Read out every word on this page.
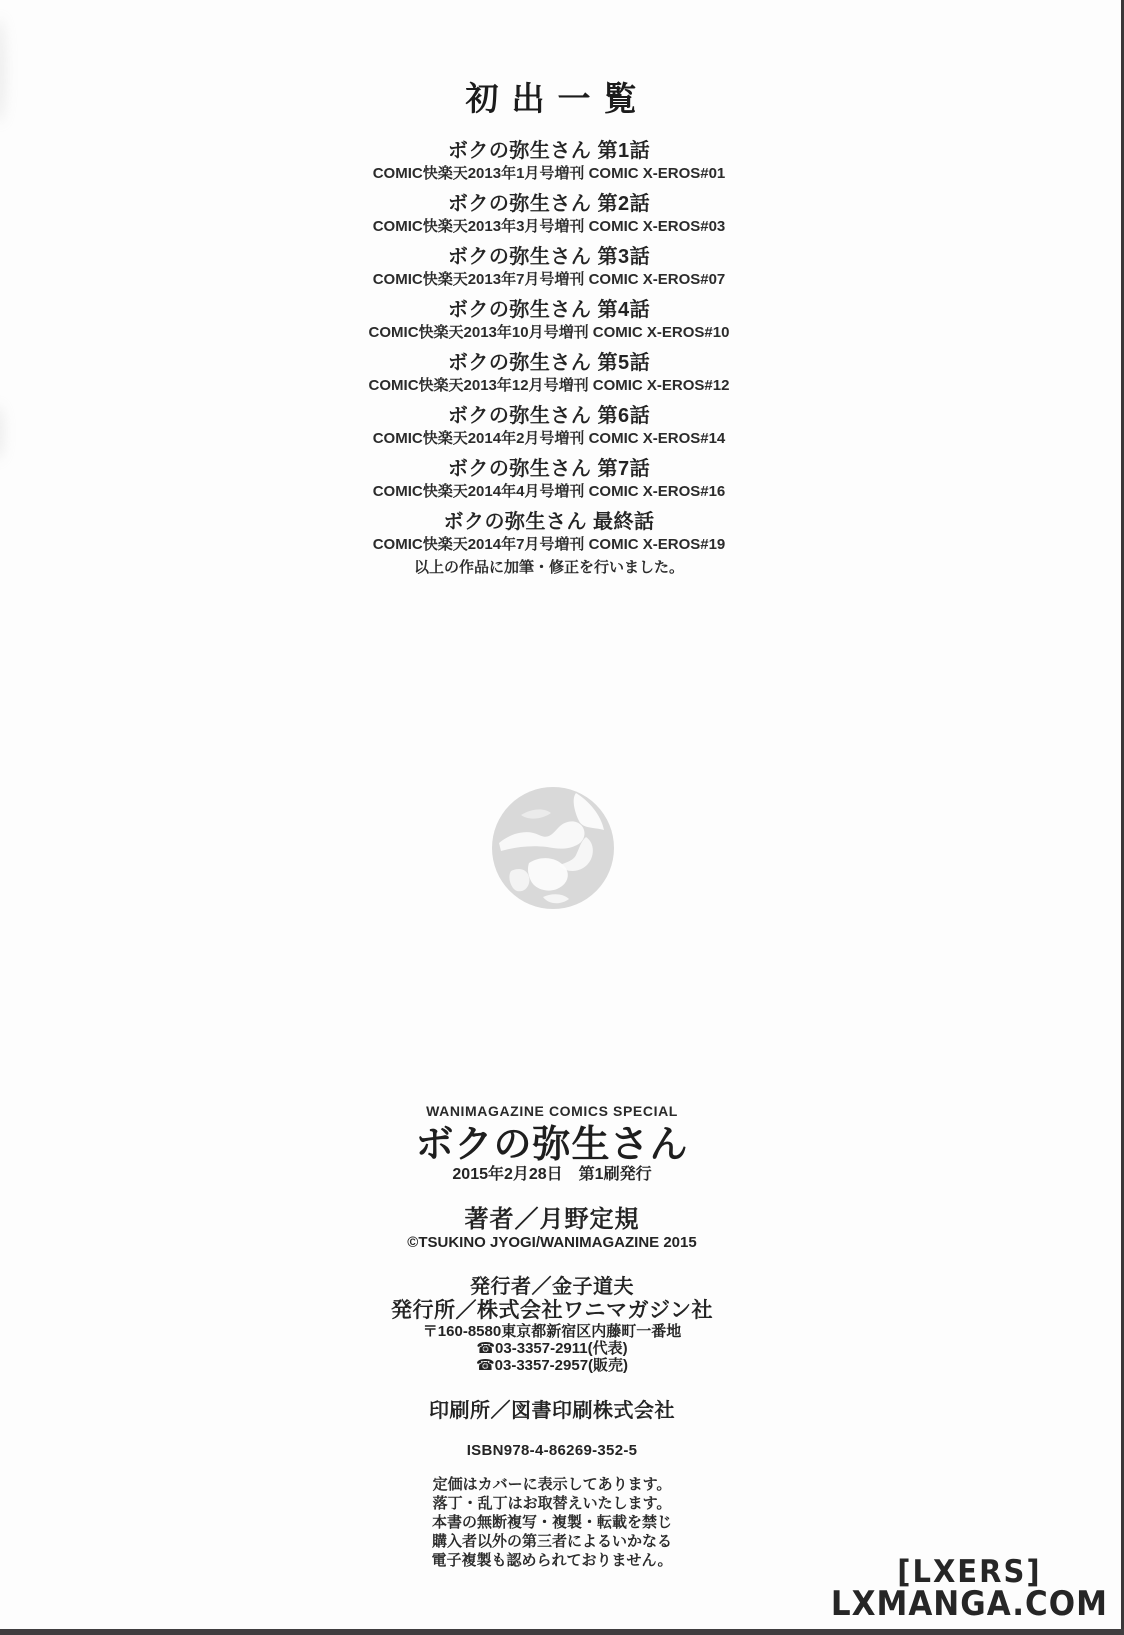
初出一覧
ボクの弥生さん 第1話
COMIC快楽天2013年1月号増刊 COMIC X-EROS#01
ボクの弥生さん 第2話
COMIC快楽天2013年3月号増刊 COMIC X-EROS#03
ボクの弥生さん 第3話
COMIC快楽天2013年7月号増刊 COMIC X-EROS#07
ボクの弥生さん 第4話
COMIC快楽天2013年10月号増刊 COMIC X-EROS#10
ボクの弥生さん 第5話
COMIC快楽天2013年12月号増刊 COMIC X-EROS#12
ボクの弥生さん 第6話
COMIC快楽天2014年2月号増刊 COMIC X-EROS#14
ボクの弥生さん 第7話
COMIC快楽天2014年4月号増刊 COMIC X-EROS#16
ボクの弥生さん 最終話
COMIC快楽天2014年7月号増刊 COMIC X-EROS#19
以上の作品に加筆・修正を行いました。
WANIMAGAZINE COMICS SPECIAL
ボクの弥生さん
2015年2月28日　第1刷発行
著者／月野定規
©TSUKINO JYOGI/WANIMAGAZINE 2015
発行者／金子道夫
発行所／株式会社ワニマガジン社
〒160-8580東京都新宿区内藤町一番地
☎03-3357-2911(代表)
☎03-3357-2957(販売)
印刷所／図書印刷株式会社
ISBN978-4-86269-352-5
定価はカバーに表示してあります。
落丁・乱丁はお取替えいたします。
本書の無断複写・複製・転載を禁じ
購入者以外の第三者によるいかなる
電子複製も認められておりません。	[LXERS]
LXMANGA.COM
